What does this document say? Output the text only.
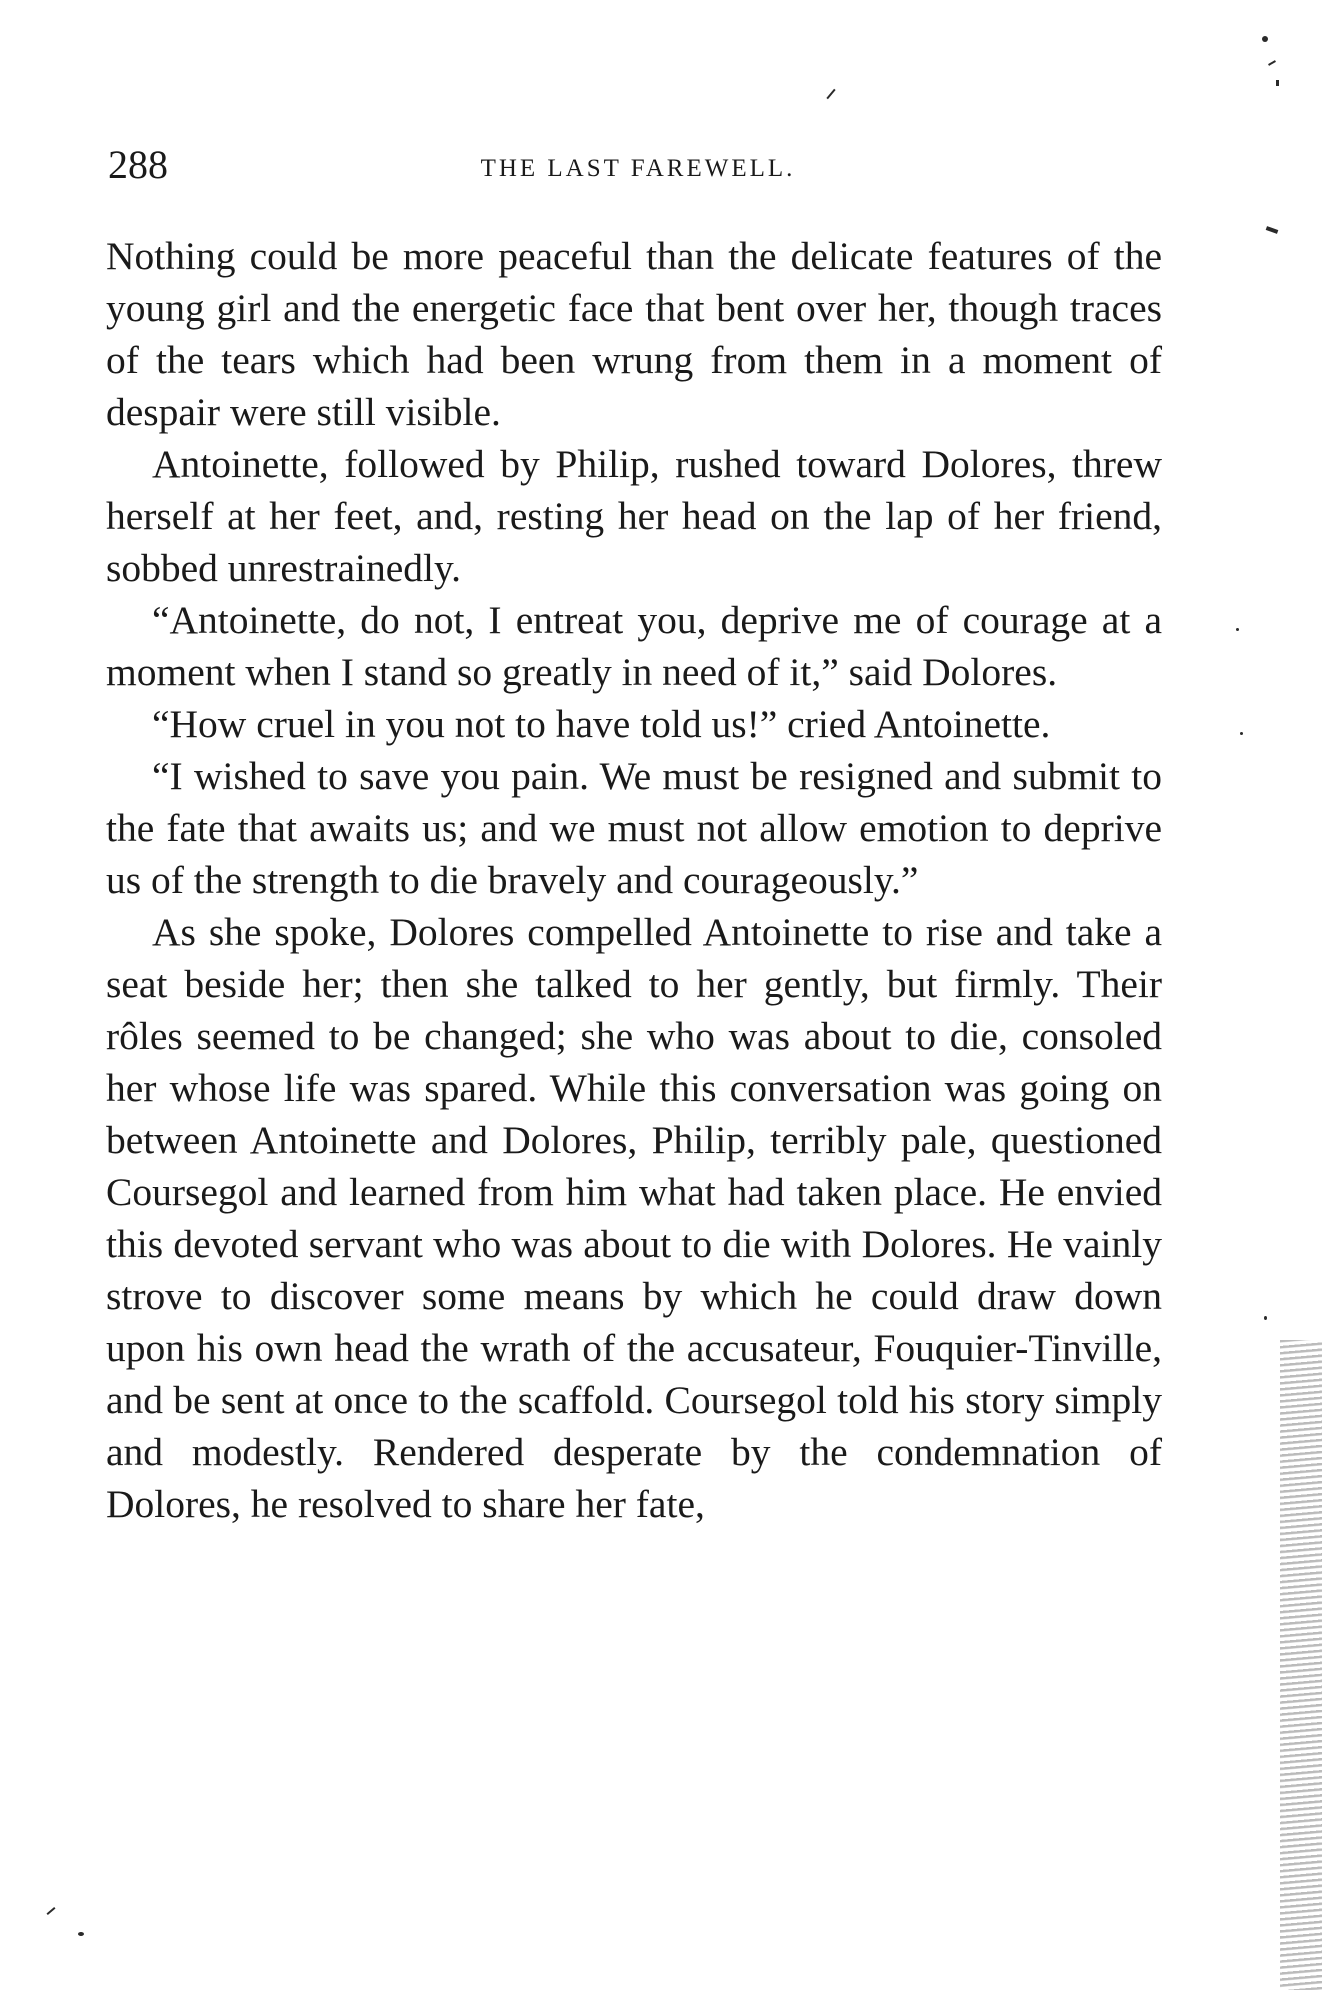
288	THE LAST FAREWELL.

Nothing could be more peaceful than the delicate features of the young girl and the energetic face that bent over her, though traces of the tears which had been wrung from them in a moment of despair were still visible.

Antoinette, followed by Philip, rushed toward Dolores, threw herself at her feet, and, resting her head on the lap of her friend, sobbed unrestrainedly.

“Antoinette, do not, I entreat you, deprive me of courage at a moment when I stand so greatly in need of it,” said Dolores.

“How cruel in you not to have told us!” cried Antoinette.

“I wished to save you pain. We must be resigned and submit to the fate that awaits us; and we must not allow emotion to deprive us of the strength to die bravely and courageously.”

As she spoke, Dolores compelled Antoinette to rise and take a seat beside her; then she talked to her gently, but firmly. Their rôles seemed to be changed; she who was about to die, consoled her whose life was spared. While this conversation was going on between Antoinette and Dolores, Philip, terribly pale, questioned Coursegol and learned from him what had taken place. He envied this devoted servant who was about to die with Dolores. He vainly strove to discover some means by which he could draw down upon his own head the wrath of the accusateur, Fouquier-Tinville, and be sent at once to the scaffold. Coursegol told his story simply and modestly. Rendered desperate by the condemnation of Dolores, he resolved to share her fate,
